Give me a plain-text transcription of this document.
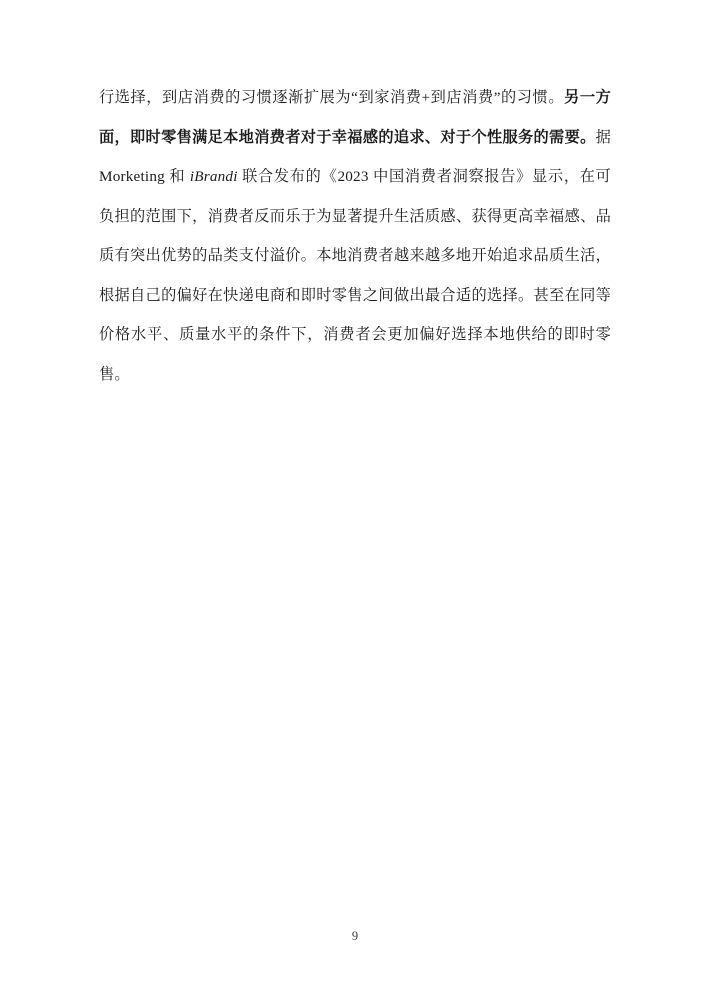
行选择，到店消费的习惯逐渐扩展为“到家消费+到店消费”的习惯。另一方面，即时零售满足本地消费者对于幸福感的追求、对于个性服务的需要。据 Morketing 和 iBrandi 联合发布的《2023 中国消费者洞察报告》显示，在可负担的范围下，消费者反而乐于为显著提升生活质感、获得更高幸福感、品质有突出优势的品类支付溢价。本地消费者越来越多地开始追求品质生活，根据自己的偏好在快递电商和即时零售之间做出最合适的选择。甚至在同等价格水平、质量水平的条件下，消费者会更加偏好选择本地供给的即时零售。

9
